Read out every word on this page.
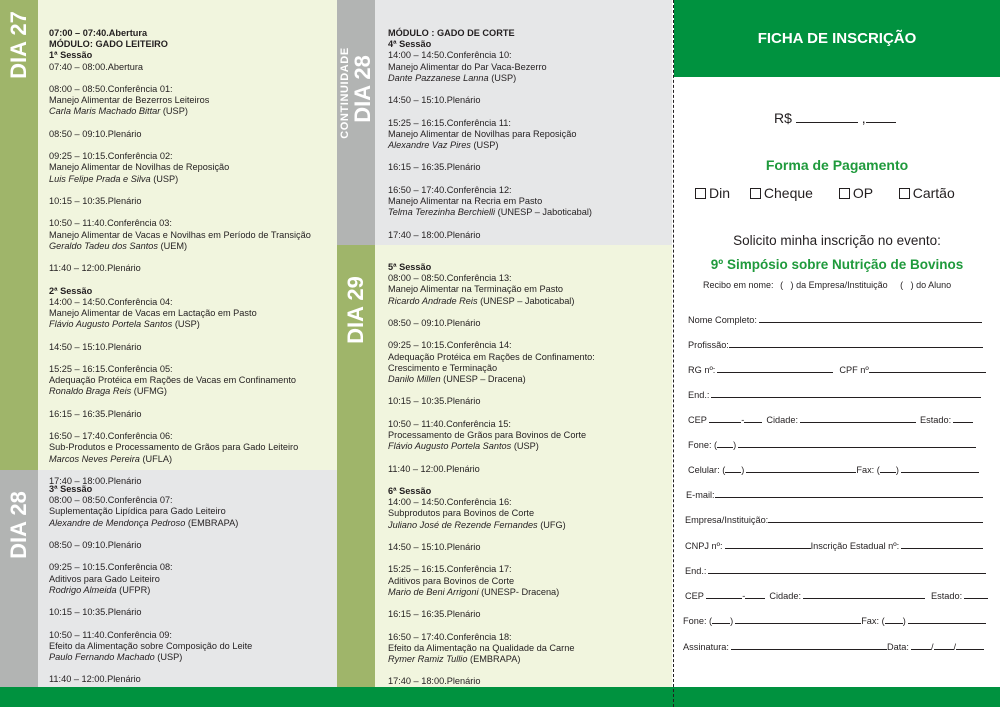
DIA 27
DIA 28
07:00 – 07:40.Abertura
MÓDULO: GADO LEITEIRO
1ª Sessão
07:40 – 08:00.Abertura
08:00 – 08:50.Conferência 01:
Manejo Alimentar de Bezerros Leiteiros
Carla Maris Machado Bittar (USP)
08:50 – 09:10.Plenário
09:25 – 10:15.Conferência 02:
Manejo Alimentar de Novilhas de Reposição
Luis Felipe Prada e Silva (USP)
10:15 – 10:35.Plenário
10:50 – 11:40.Conferência 03:
Manejo Alimentar de Vacas e Novilhas em Período de Transição
Geraldo Tadeu dos Santos (UEM)
11:40 – 12:00.Plenário
2ª Sessão
14:00 – 14:50.Conferência 04:
Manejo Alimentar de Vacas em Lactação em Pasto
Flávio Augusto Portela Santos (USP)
14:50 – 15:10.Plenário
15:25 – 16:15.Conferência 05:
Adequação Protéica em Rações de Vacas em Confinamento
Ronaldo Braga Reis (UFMG)
16:15 – 16:35.Plenário
16:50 – 17:40.Conferência 06:
Sub-Produtos e Processamento de Grãos para Gado Leiteiro
Marcos Neves Pereira (UFLA)
17:40 – 18:00.Plenário
3ª Sessão
08:00 – 08:50.Conferência 07:
Suplementação Lipídica para Gado Leiteiro
Alexandre de Mendonça Pedroso (EMBRAPA)
08:50 – 09:10.Plenário
09:25 – 10:15.Conferência 08:
Aditivos para Gado Leiteiro
Rodrigo Almeida (UFPR)
10:15 – 10:35.Plenário
10:50 – 11:40.Conferência 09:
Efeito da Alimentação sobre Composição do Leite
Paulo Fernando Machado (USP)
11:40 – 12:00.Plenário
CONTINUIDADE DIA 28
DIA 29
MÓDULO : GADO DE CORTE
4ª Sessão
14:00 – 14:50.Conferência 10:
Manejo Alimentar do Par Vaca-Bezerro
Dante Pazzanese Lanna (USP)
14:50 – 15:10.Plenário
15:25 – 16:15.Conferência 11:
Manejo Alimentar de Novilhas para Reposição
Alexandre Vaz Pires (USP)
16:15 – 16:35.Plenário
16:50 – 17:40.Conferência 12:
Manejo Alimentar na Recria em Pasto
Telma Terezinha Berchielli (UNESP – Jaboticabal)
17:40 – 18:00.Plenário
5ª Sessão
08:00 – 08:50.Conferência 13:
Manejo Alimentar na Terminação em Pasto
Ricardo Andrade Reis (UNESP – Jaboticabal)
08:50 – 09:10.Plenário
09:25 – 10:15.Conferência 14:
Adequação Protéica em Rações de Confinamento:
Crescimento e Terminação
Danilo Millen (UNESP – Dracena)
10:15 – 10:35.Plenário
10:50 – 11:40.Conferência 15:
Processamento de Grãos para Bovinos de Corte
Flávio Augusto Portela Santos (USP)
11:40 – 12:00.Plenário
6ª Sessão
14:00 – 14:50.Conferência 16:
Subprodutos para Bovinos de Corte
Juliano José de Rezende Fernandes (UFG)
14:50 – 15:10.Plenário
15:25 – 16:15.Conferência 17:
Aditivos para Bovinos de Corte
Mario de Beni Arrigoni (UNESP- Dracena)
16:15 – 16:35.Plenário
16:50 – 17:40.Conferência 18:
Efeito da Alimentação na Qualidade da Carne
Rymer Ramiz Tullio (EMBRAPA)
17:40 – 18:00.Plenário
FICHA DE INSCRIÇÃO
R$	,
Forma de Pagamento
Din Cheque	OP	Cartão
Solicito minha inscrição no evento:
9º Simpósio sobre Nutrição de Bovinos
Recibo em nome: (   ) da Empresa/Instituição (   ) do Aluno
Nome Completo:
Profissão:
RG nº:	CPF nº
End.:
CEP	- Cidade:	Estado:
Fone: ( )
Celular: ( )	Fax: ( )
E-mail:
Empresa/Instituição:
CNPJ nº:	Inscrição Estadual nº:
End.:
CEP	-	Cidade:	Estado:
Fone: ( )	Fax: ( )
Assinatura:	Data: / /
